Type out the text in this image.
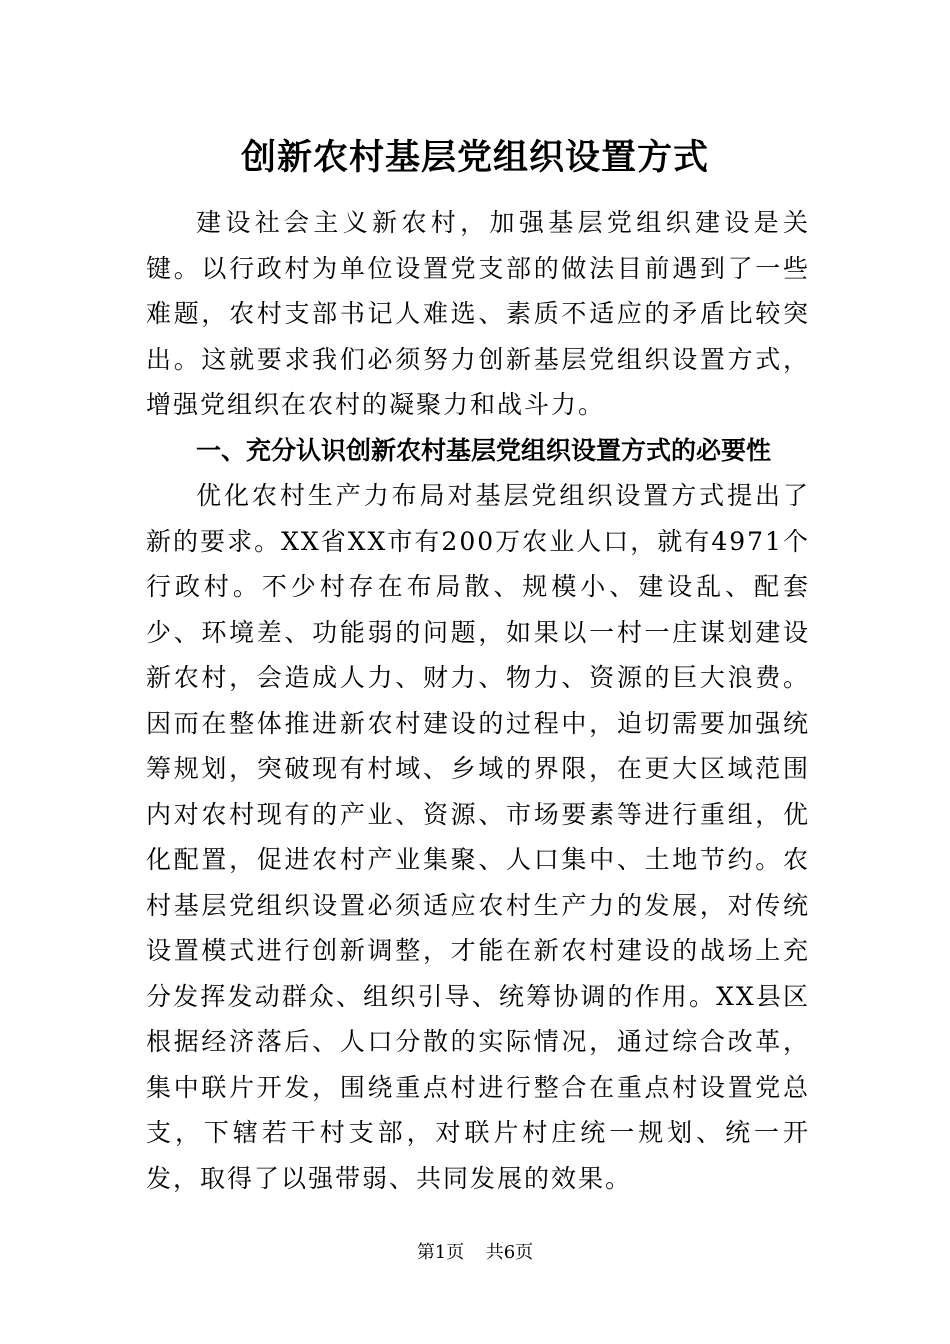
创新农村基层党组织设置方式

建设社会主义新农村，加强基层党组织建设是关键。以行政村为单位设置党支部的做法目前遇到了一些难题，农村支部书记人难选、素质不适应的矛盾比较突出。这就要求我们必须努力创新基层党组织设置方式，增强党组织在农村的凝聚力和战斗力。

一、充分认识创新农村基层党组织设置方式的必要性

优化农村生产力布局对基层党组织设置方式提出了新的要求。XX省XX市有200万农业人口，就有4971个行政村。不少村存在布局散、规模小、建设乱、配套少、环境差、功能弱的问题，如果以一村一庄谋划建设新农村，会造成人力、财力、物力、资源的巨大浪费。因而在整体推进新农村建设的过程中，迫切需要加强统筹规划，突破现有村域、乡域的界限，在更大区域范围内对农村现有的产业、资源、市场要素等进行重组，优化配置，促进农村产业集聚、人口集中、土地节约。农村基层党组织设置必须适应农村生产力的发展，对传统设置模式进行创新调整，才能在新农村建设的战场上充分发挥发动群众、组织引导、统筹协调的作用。XX县区根据经济落后、人口分散的实际情况，通过综合改革，集中联片开发，围绕重点村进行整合在重点村设置党总支，下辖若干村支部，对联片村庄统一规划、统一开发，取得了以强带弱、共同发展的效果。

第1页 共6页
